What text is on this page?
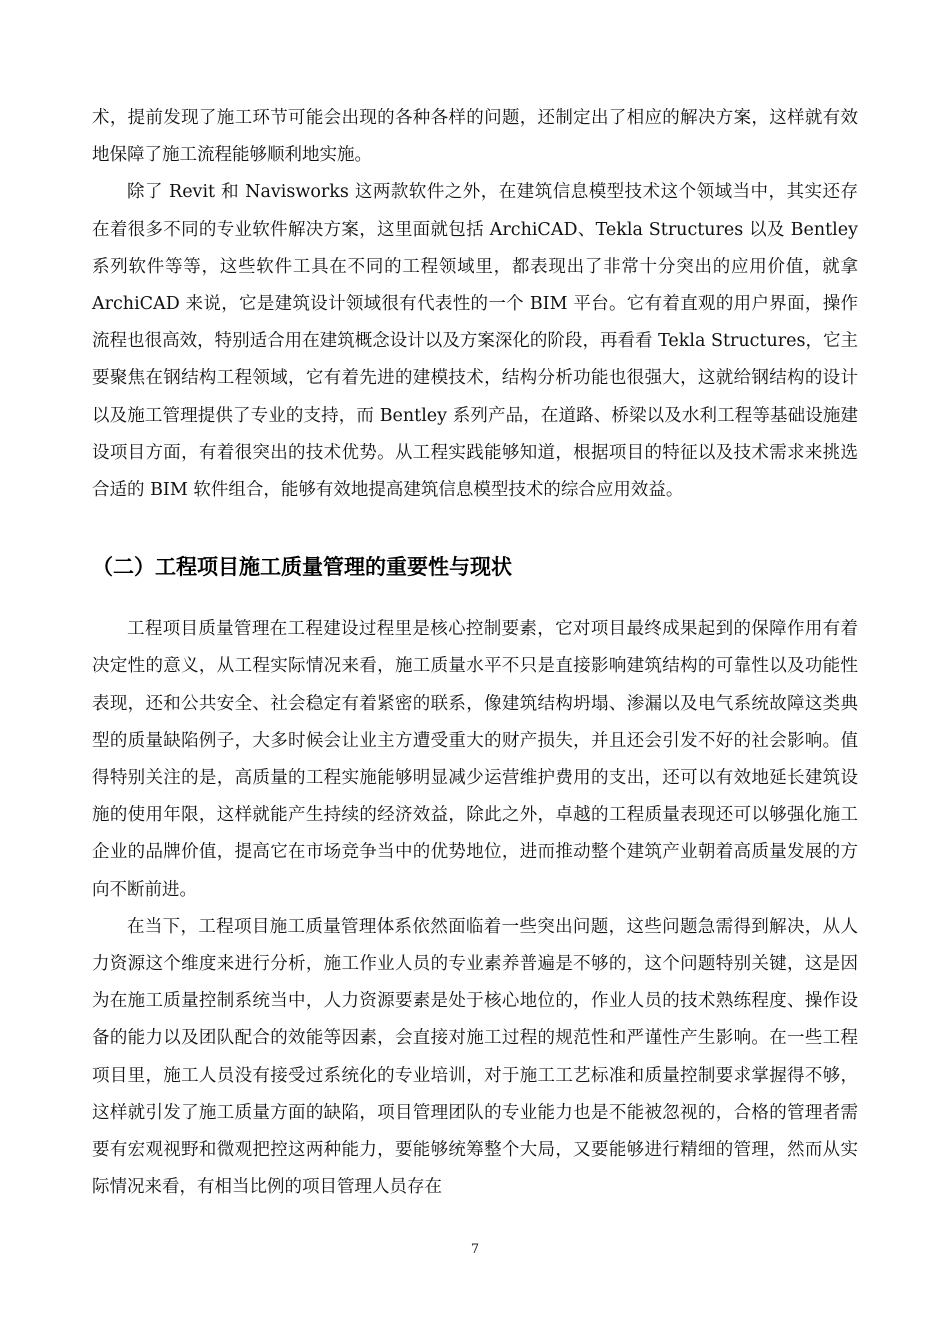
术，提前发现了施工环节可能会出现的各种各样的问题，还制定出了相应的解决方案，这样就有效地保障了施工流程能够顺利地实施。

除了 Revit 和 Navisworks 这两款软件之外，在建筑信息模型技术这个领域当中，其实还存在着很多不同的专业软件解决方案，这里面就包括 ArchiCAD、Tekla Structures 以及 Bentley 系列软件等等，这些软件工具在不同的工程领域里，都表现出了非常十分突出的应用价值，就拿 ArchiCAD 来说，它是建筑设计领域很有代表性的一个 BIM 平台。它有着直观的用户界面，操作流程也很高效，特别适合用在建筑概念设计以及方案深化的阶段，再看看 Tekla Structures，它主要聚焦在钢结构工程领域，它有着先进的建模技术，结构分析功能也很强大，这就给钢结构的设计以及施工管理提供了专业的支持，而 Bentley 系列产品，在道路、桥梁以及水利工程等基础设施建设项目方面，有着很突出的技术优势。从工程实践能够知道，根据项目的特征以及技术需求来挑选合适的 BIM 软件组合，能够有效地提高建筑信息模型技术的综合应用效益。

（二）工程项目施工质量管理的重要性与现状

工程项目质量管理在工程建设过程里是核心控制要素，它对项目最终成果起到的保障作用有着决定性的意义，从工程实际情况来看，施工质量水平不只是直接影响建筑结构的可靠性以及功能性表现，还和公共安全、社会稳定有着紧密的联系，像建筑结构坍塌、渗漏以及电气系统故障这类典型的质量缺陷例子，大多时候会让业主方遭受重大的财产损失，并且还会引发不好的社会影响。值得特别关注的是，高质量的工程实施能够明显减少运营维护费用的支出，还可以有效地延长建筑设施的使用年限，这样就能产生持续的经济效益，除此之外，卓越的工程质量表现还可以够强化施工企业的品牌价值，提高它在市场竞争当中的优势地位，进而推动整个建筑产业朝着高质量发展的方向不断前进。

在当下，工程项目施工质量管理体系依然面临着一些突出问题，这些问题急需得到解决，从人力资源这个维度来进行分析，施工作业人员的专业素养普遍是不够的，这个问题特别关键，这是因为在施工质量控制系统当中，人力资源要素是处于核心地位的，作业人员的技术熟练程度、操作设备的能力以及团队配合的效能等因素，会直接对施工过程的规范性和严谨性产生影响。在一些工程项目里，施工人员没有接受过系统化的专业培训，对于施工工艺标准和质量控制要求掌握得不够，这样就引发了施工质量方面的缺陷，项目管理团队的专业能力也是不能被忽视的，合格的管理者需要有宏观视野和微观把控这两种能力，要能够统筹整个大局，又要能够进行精细的管理，然而从实际情况来看，有相当比例的项目管理人员存在

7
